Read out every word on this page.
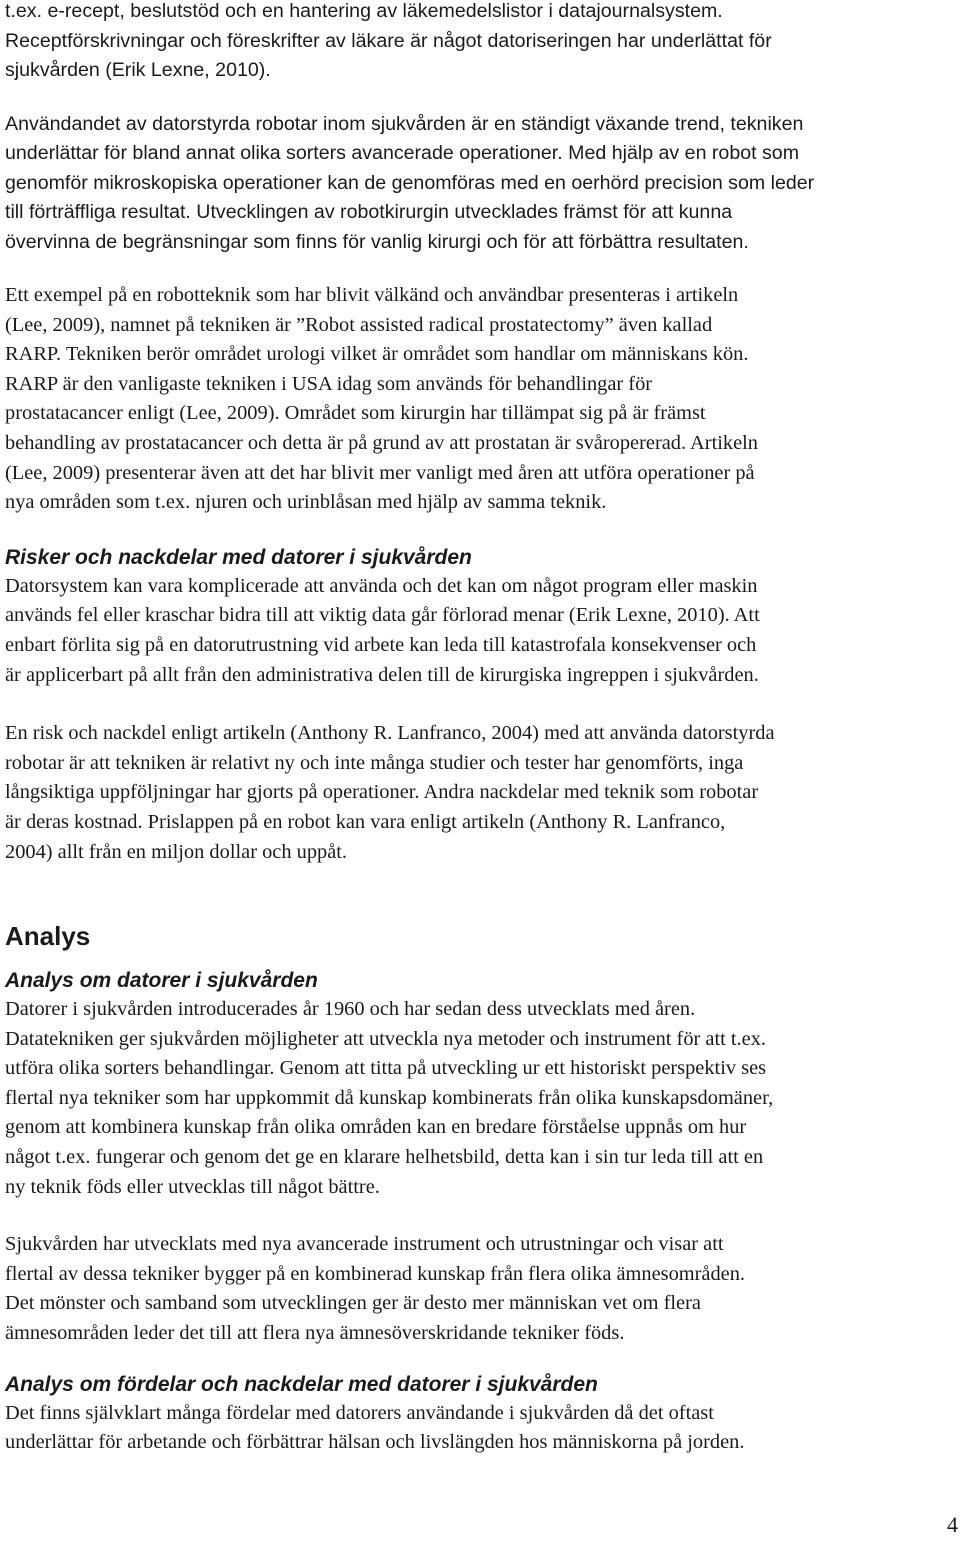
t.ex. e-recept, beslutstöd och en hantering av läkemedelslistor i datajournalsystem.
Receptförskrivningar och föreskrifter av läkare är något datoriseringen har underlättat för
sjukvården (Erik Lexne, 2010).

Användandet av datorstyrda robotar inom sjukvården är en ständigt växande trend, tekniken
underlättar för bland annat olika sorters avancerade operationer. Med hjälp av en robot som
genomför mikroskopiska operationer kan de genomföras med en oerhörd precision som leder
till förträffliga resultat. Utvecklingen av robotkirurgin utvecklades främst för att kunna
övervinna de begränsningar som finns för vanlig kirurgi och för att förbättra resultaten.

Ett exempel på en robotteknik som har blivit välkänd och användbar presenteras i artikeln
(Lee, 2009), namnet på tekniken är ”Robot assisted radical prostatectomy” även kallad
RARP. Tekniken berör området urologi vilket är området som handlar om människans kön.
RARP är den vanligaste tekniken i USA idag som används för behandlingar för
prostatacancer enligt (Lee, 2009). Området som kirurgin har tillämpat sig på är främst
behandling av prostatacancer och detta är på grund av att prostatan är svåropererad. Artikeln
(Lee, 2009) presenterar även att det har blivit mer vanligt med åren att utföra operationer på
nya områden som t.ex. njuren och urinblåsan med hjälp av samma teknik.

Risker och nackdelar med datorer i sjukvården

Datorsystem kan vara komplicerade att använda och det kan om något program eller maskin
används fel eller kraschar bidra till att viktig data går förlorad menar (Erik Lexne, 2010). Att
enbart förlita sig på en datorutrustning vid arbete kan leda till katastrofala konsekvenser och
är applicerbart på allt från den administrativa delen till de kirurgiska ingreppen i sjukvården.

En risk och nackdel enligt artikeln (Anthony R. Lanfranco, 2004) med att använda datorstyrda
robotar är att tekniken är relativt ny och inte många studier och tester har genomförts, inga
långsiktiga uppföljningar har gjorts på operationer. Andra nackdelar med teknik som robotar
är deras kostnad. Prislappen på en robot kan vara enligt artikeln (Anthony R. Lanfranco,
2004) allt från en miljon dollar och uppåt.

Analys
Analys om datorer i sjukvården

Datorer i sjukvården introducerades år 1960 och har sedan dess utvecklats med åren.
Datatekniken ger sjukvården möjligheter att utveckla nya metoder och instrument för att t.ex.
utföra olika sorters behandlingar. Genom att titta på utveckling ur ett historiskt perspektiv ses
flertal nya tekniker som har uppkommit då kunskap kombinerats från olika kunskapsdomäner,
genom att kombinera kunskap från olika områden kan en bredare förståelse uppnås om hur
något t.ex. fungerar och genom det ge en klarare helhetsbild, detta kan i sin tur leda till att en
ny teknik föds eller utvecklas till något bättre.

Sjukvården har utvecklats med nya avancerade instrument och utrustningar och visar att
flertal av dessa tekniker bygger på en kombinerad kunskap från flera olika ämnesområden.
Det mönster och samband som utvecklingen ger är desto mer människan vet om flera
ämnesområden leder det till att flera nya ämnesöverskridande tekniker föds.

Analys om fördelar och nackdelar med datorer i sjukvården

Det finns självklart många fördelar med datorers användande i sjukvården då det oftast
underlättar för arbetande och förbättrar hälsan och livslängden hos människorna på jorden.

4
